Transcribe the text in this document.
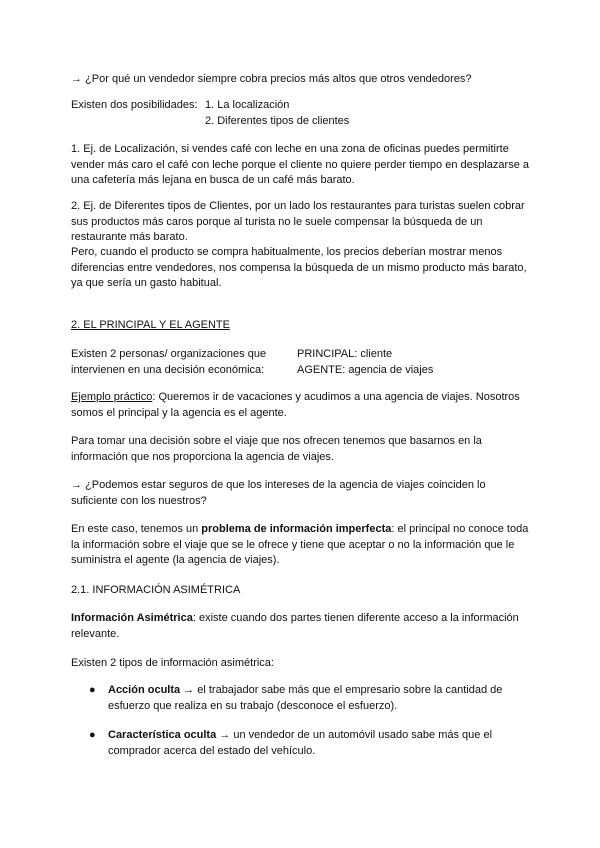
→ ¿Por qué un vendedor siempre cobra precios más altos que otros vendedores?

Existen dos posibilidades: 1. La localización
2. Diferentes tipos de clientes

1. Ej. de Localización, si vendes café con leche en una zona de oficinas puedes permitirte vender más caro el café con leche porque el cliente no quiere perder tiempo en desplazarse a una cafetería más lejana en busca de un café más barato.

2. Ej. de Diferentes tipos de Clientes, por un lado los restaurantes para turistas suelen cobrar sus productos más caros porque al turista no le suele compensar la búsqueda de un restaurante más barato.

Pero, cuando el producto se compra habitualmente, los precios deberían mostrar menos diferencias entre vendedores, nos compensa la búsqueda de un mismo producto más barato, ya que sería un gasto habitual.

2. EL PRINCIPAL Y EL AGENTE

Existen 2 personas/ organizaciones que	PRINCIPAL: cliente
intervienen en una decisión económica:	AGENTE: agencia de viajes

Ejemplo práctico: Queremos ir de vacaciones y acudimos a una agencia de viajes. Nosotros somos el principal y la agencia es el agente.

Para tomar una decisión sobre el viaje que nos ofrecen tenemos que basarnos en la información que nos proporciona la agencia de viajes.

→ ¿Podemos estar seguros de que los intereses de la agencia de viajes coinciden lo suficiente con los nuestros?

En este caso, tenemos un problema de información imperfecta: el principal no conoce toda la información sobre el viaje que se le ofrece y tiene que aceptar o no la información que le suministra el agente (la agencia de viajes).

2.1. INFORMACIÓN ASIMÉTRICA

Información Asimétrica: existe cuando dos partes tienen diferente acceso a la información relevante.

Existen 2 tipos de información asimétrica:

● Acción oculta → el trabajador sabe más que el empresario sobre la cantidad de esfuerzo que realiza en su trabajo (desconoce el esfuerzo).

● Característica oculta → un vendedor de un automóvil usado sabe más que el comprador acerca del estado del vehículo.
